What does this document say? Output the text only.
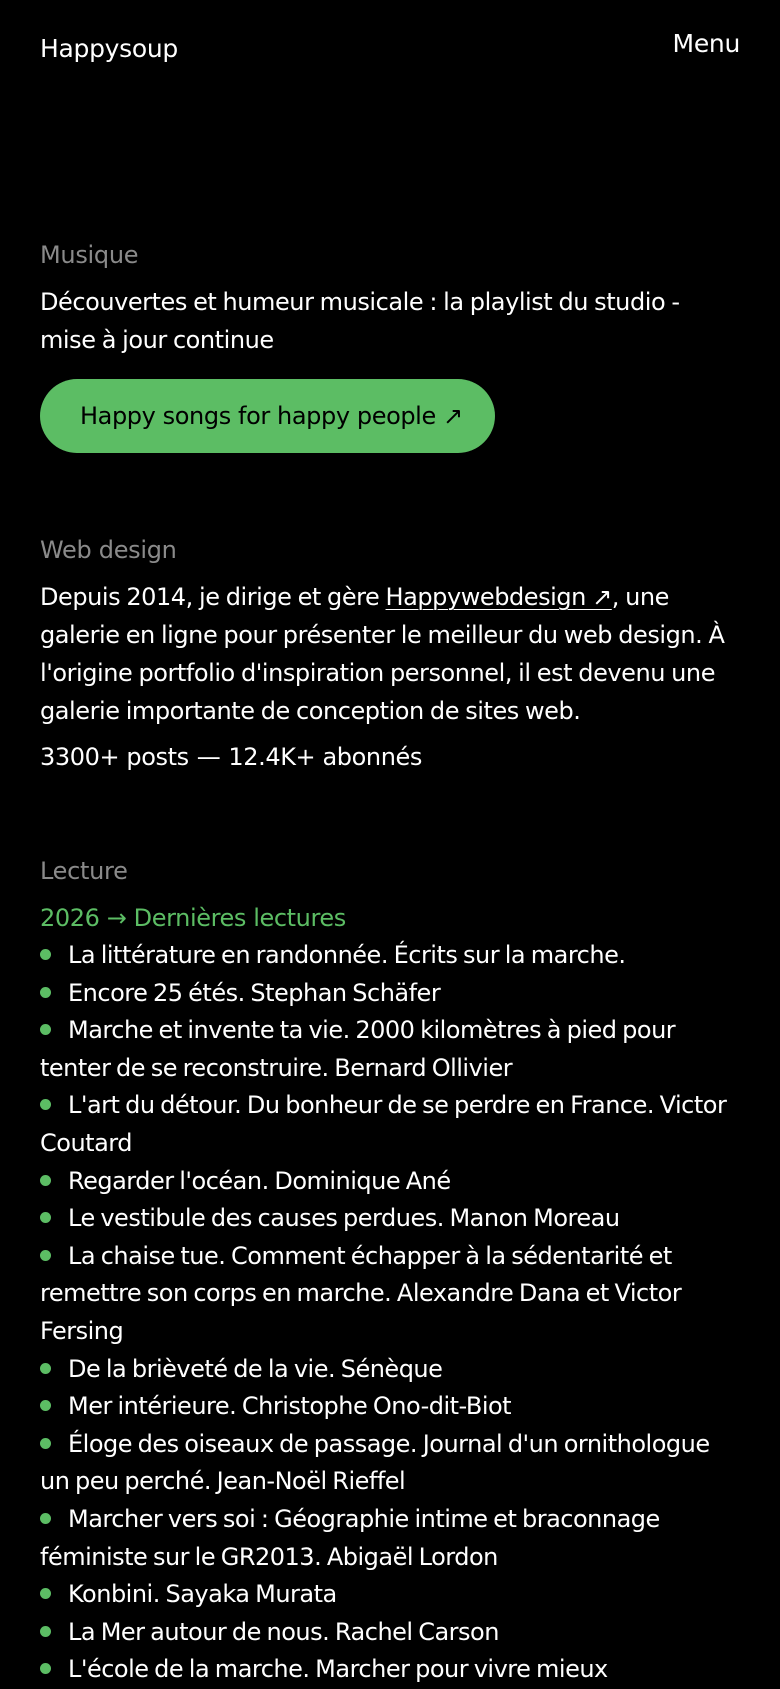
Happysoup	Menu

Musique

Découvertes et humeur musicale : la playlist du studio - mise à jour continue

Happy songs for happy people ↗

Web design

Depuis 2014, je dirige et gère Happywebdesign ↗, une galerie en ligne pour présenter le meilleur du web design. À l'origine portfolio d'inspiration personnel, il est devenu une galerie importante de conception de sites web.

3300+ posts — 12.4K+ abonnés

Lecture

2026 → Dernières lectures
La littérature en randonnée. Écrits sur la marche.
Encore 25 étés. Stephan Schäfer
Marche et invente ta vie. 2000 kilomètres à pied pour tenter de se reconstruire. Bernard Ollivier
L'art du détour. Du bonheur de se perdre en France. Victor Coutard
Regarder l'océan. Dominique Ané
Le vestibule des causes perdues. Manon Moreau
La chaise tue. Comment échapper à la sédentarité et remettre son corps en marche. Alexandre Dana et Victor Fersing
De la brièveté de la vie. Sénèque
Mer intérieure. Christophe Ono-dit-Biot
Éloge des oiseaux de passage. Journal d'un ornithologue un peu perché. Jean-Noël Rieffel
Marcher vers soi : Géographie intime et braconnage féministe sur le GR2013. Abigaël Lordon
Konbini. Sayaka Murata
La Mer autour de nous. Rachel Carson
L'école de la marche. Marcher pour vivre mieux
